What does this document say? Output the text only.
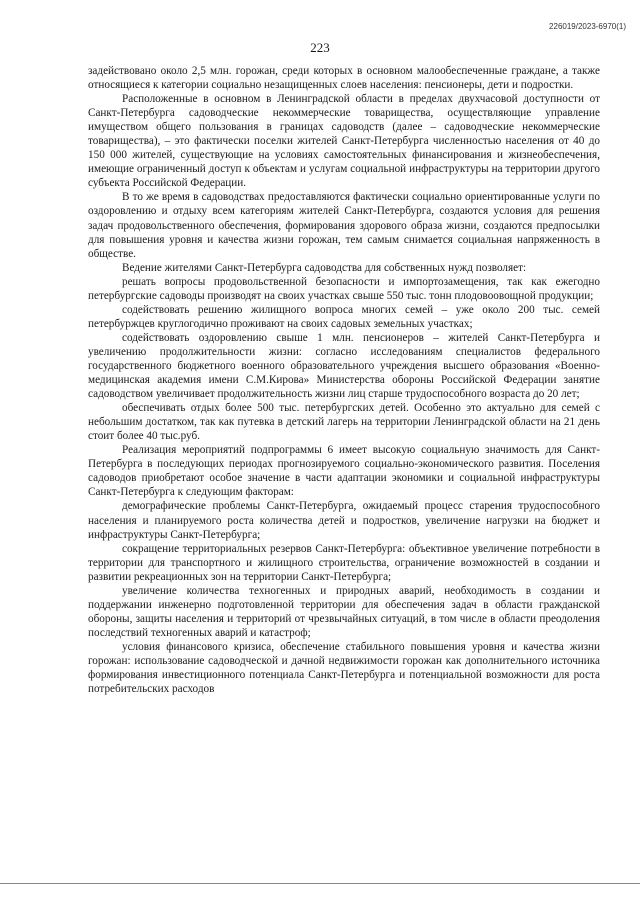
226019/2023-6970(1)
223

задействовано около 2,5 млн. горожан, среди которых в основном малообеспеченные граждане, а также относящиеся к категории социально незащищенных слоев населения: пенсионеры, дети и подростки.

Расположенные в основном в Ленинградской области в пределах двухчасовой доступности от Санкт-Петербурга садоводческие некоммерческие товарищества, осуществляющие управление имуществом общего пользования в границах садоводств (далее – садоводческие некоммерческие товарищества), – это фактически поселки жителей Санкт-Петербурга численностью населения от 40 до 150 000 жителей, существующие на условиях самостоятельных финансирования и жизнеобеспечения, имеющие ограниченный доступ к объектам и услугам социальной инфраструктуры на территории другого субъекта Российской Федерации.

В то же время в садоводствах предоставляются фактически социально ориентированные услуги по оздоровлению и отдыху всем категориям жителей Санкт-Петербурга, создаются условия для решения задач продовольственного обеспечения, формирования здорового образа жизни, создаются предпосылки для повышения уровня и качества жизни горожан, тем самым снимается социальная напряженность в обществе.

Ведение жителями Санкт-Петербурга садоводства для собственных нужд позволяет:

решать вопросы продовольственной безопасности и импортозамещения, так как ежегодно петербургские садоводы производят на своих участках свыше 550 тыс. тонн плодовоовощной продукции;

содействовать решению жилищного вопроса многих семей – уже около 200 тыс. семей петербуржцев круглогодично проживают на своих садовых земельных участках;

содействовать оздоровлению свыше 1 млн. пенсионеров – жителей Санкт-Петербурга и увеличению продолжительности жизни: согласно исследованиям специалистов федерального государственного бюджетного военного образовательного учреждения высшего образования «Военно-медицинская академия имени С.М.Кирова» Министерства обороны Российской Федерации занятие садоводством увеличивает продолжительность жизни лиц старше трудоспособного возраста до 20 лет;

обеспечивать отдых более 500 тыс. петербургских детей. Особенно это актуально для семей с небольшим достатком, так как путевка в детский лагерь на территории Ленинградской области на 21 день стоит более 40 тыс.руб.

Реализация мероприятий подпрограммы 6 имеет высокую социальную значимость для Санкт-Петербурга в последующих периодах прогнозируемого социально-экономического развития. Поселения садоводов приобретают особое значение в части адаптации экономики и социальной инфраструктуры Санкт-Петербурга к следующим факторам:

демографические проблемы Санкт-Петербурга, ожидаемый процесс старения трудоспособного населения и планируемого роста количества детей и подростков, увеличение нагрузки на бюджет и инфраструктуры Санкт-Петербурга;

сокращение территориальных резервов Санкт-Петербурга: объективное увеличение потребности в территории для транспортного и жилищного строительства, ограничение возможностей в создании и развитии рекреационных зон на территории Санкт-Петербурга;

увеличение количества техногенных и природных аварий, необходимость в создании и поддержании инженерно подготовленной территории для обеспечения задач в области гражданской обороны, защиты населения и территорий от чрезвычайных ситуаций, в том числе в области преодоления последствий техногенных аварий и катастроф;

условия финансового кризиса, обеспечение стабильного повышения уровня и качества жизни горожан: использование садоводческой и дачной недвижимости горожан как дополнительного источника формирования инвестиционного потенциала Санкт-Петербурга и потенциальной возможности для роста потребительских расходов
